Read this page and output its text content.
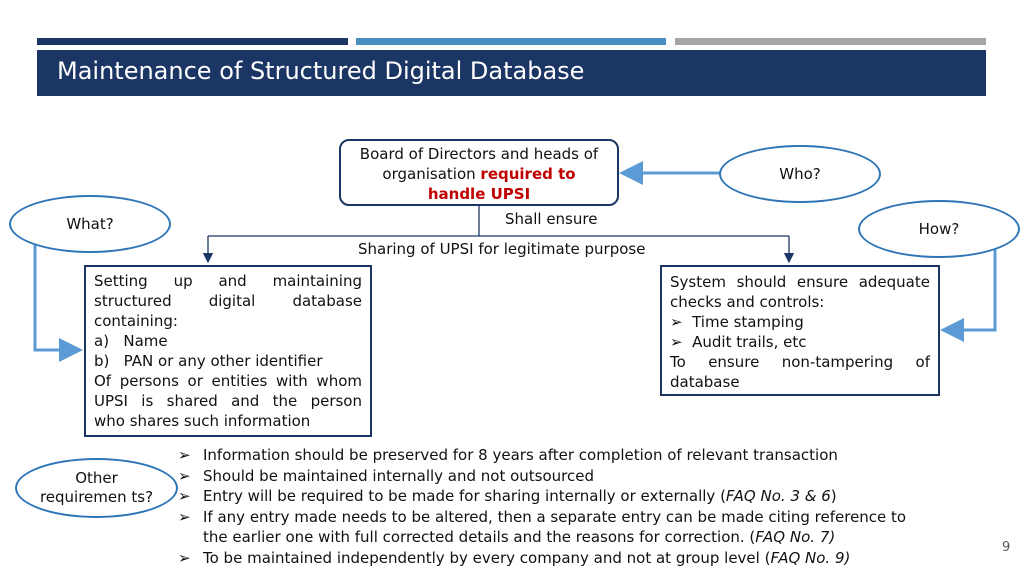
Maintenance of Structured Digital Database
Board of Directors and heads of
organisation required to
handle UPSI
Who?
What?	How?
Other requiremen ts?
Shall ensure
Sharing of UPSI for legitimate purpose
Setting up and maintaining
structured digital database
containing:
a)   Name
b)   PAN or any other identifier
Of persons or entities with whom
UPSI is shared and the person
who shares such information
System should ensure adequate
checks and controls:
➢  Time stamping
➢  Audit trails, etc
To ensure non-tampering of
database
➢ Information should be preserved for 8 years after completion of relevant transaction
➢ Should be maintained internally and not outsourced
➢ Entry will be required to be made for sharing internally or externally (FAQ No. 3 & 6)
➢ If any entry made needs to be altered, then a separate entry can be made citing reference to
the earlier one with full corrected details and the reasons for correction. (FAQ No. 7)
➢ To be maintained independently by every company and not at group level (FAQ No. 9)
9
